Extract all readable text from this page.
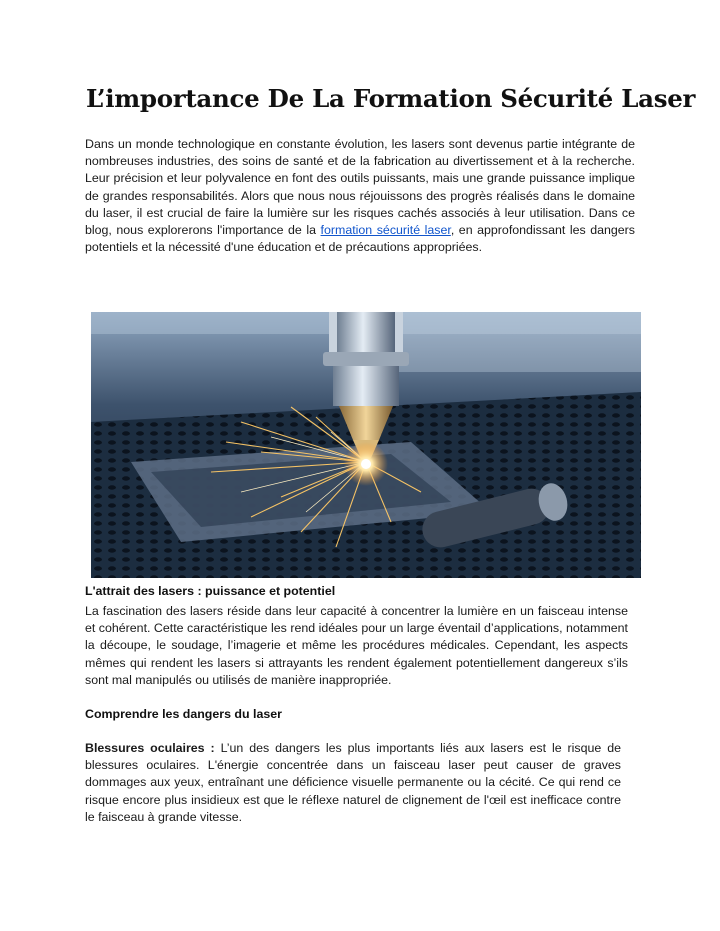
L’importance De La Formation Sécurité Laser

Dans un monde technologique en constante évolution, les lasers sont devenus partie intégrante de nombreuses industries, des soins de santé et de la fabrication au divertissement et à la recherche. Leur précision et leur polyvalence en font des outils puissants, mais une grande puissance implique de grandes responsabilités. Alors que nous nous réjouissons des progrès réalisés dans le domaine du laser, il est crucial de faire la lumière sur les risques cachés associés à leur utilisation. Dans ce blog, nous explorerons l'importance de la formation sécurité laser, en approfondissant les dangers potentiels et la nécessité d'une éducation et de précautions appropriées.

L'attrait des lasers : puissance et potentiel

La fascination des lasers réside dans leur capacité à concentrer la lumière en un faisceau intense et cohérent. Cette caractéristique les rend idéales pour un large éventail d’applications, notamment la découpe, le soudage, l’imagerie et même les procédures médicales. Cependant, les aspects mêmes qui rendent les lasers si attrayants les rendent également potentiellement dangereux s’ils sont mal manipulés ou utilisés de manière inappropriée.

Comprendre les dangers du laser

Blessures oculaires : L’un des dangers les plus importants liés aux lasers est le risque de blessures oculaires. L'énergie concentrée dans un faisceau laser peut causer de graves dommages aux yeux, entraînant une déficience visuelle permanente ou la cécité. Ce qui rend ce risque encore plus insidieux est que le réflexe naturel de clignement de l'œil est inefficace contre le faisceau à grande vitesse.
